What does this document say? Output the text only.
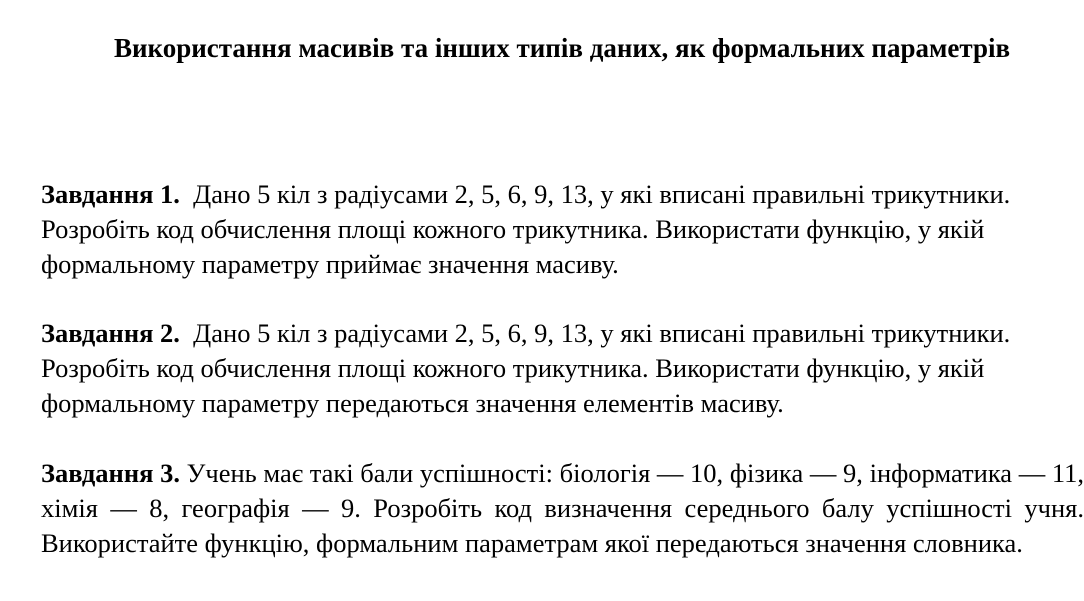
Використання масивів та інших типів даних, як формальних параметрів

Завдання 1. Дано 5 кіл з радіусами 2, 5, 6, 9, 13, у які вписані правильні трикутники. Розробіть код обчислення площі кожного трикутника. Використати функцію, у якій формальному параметру приймає значення масиву.

Завдання 2. Дано 5 кіл з радіусами 2, 5, 6, 9, 13, у які вписані правильні трикутники. Розробіть код обчислення площі кожного трикутника. Використати функцію, у якій формальному параметру передаються значення елементів масиву.

Завдання 3. Учень має такі бали успішності: біологія — 10, фізика — 9, інформатика — 11, хімія — 8, географія — 9. Розробіть код визначення середнього балу успішності учня. Використайте функцію, формальним параметрам якої передаються значення словника.
